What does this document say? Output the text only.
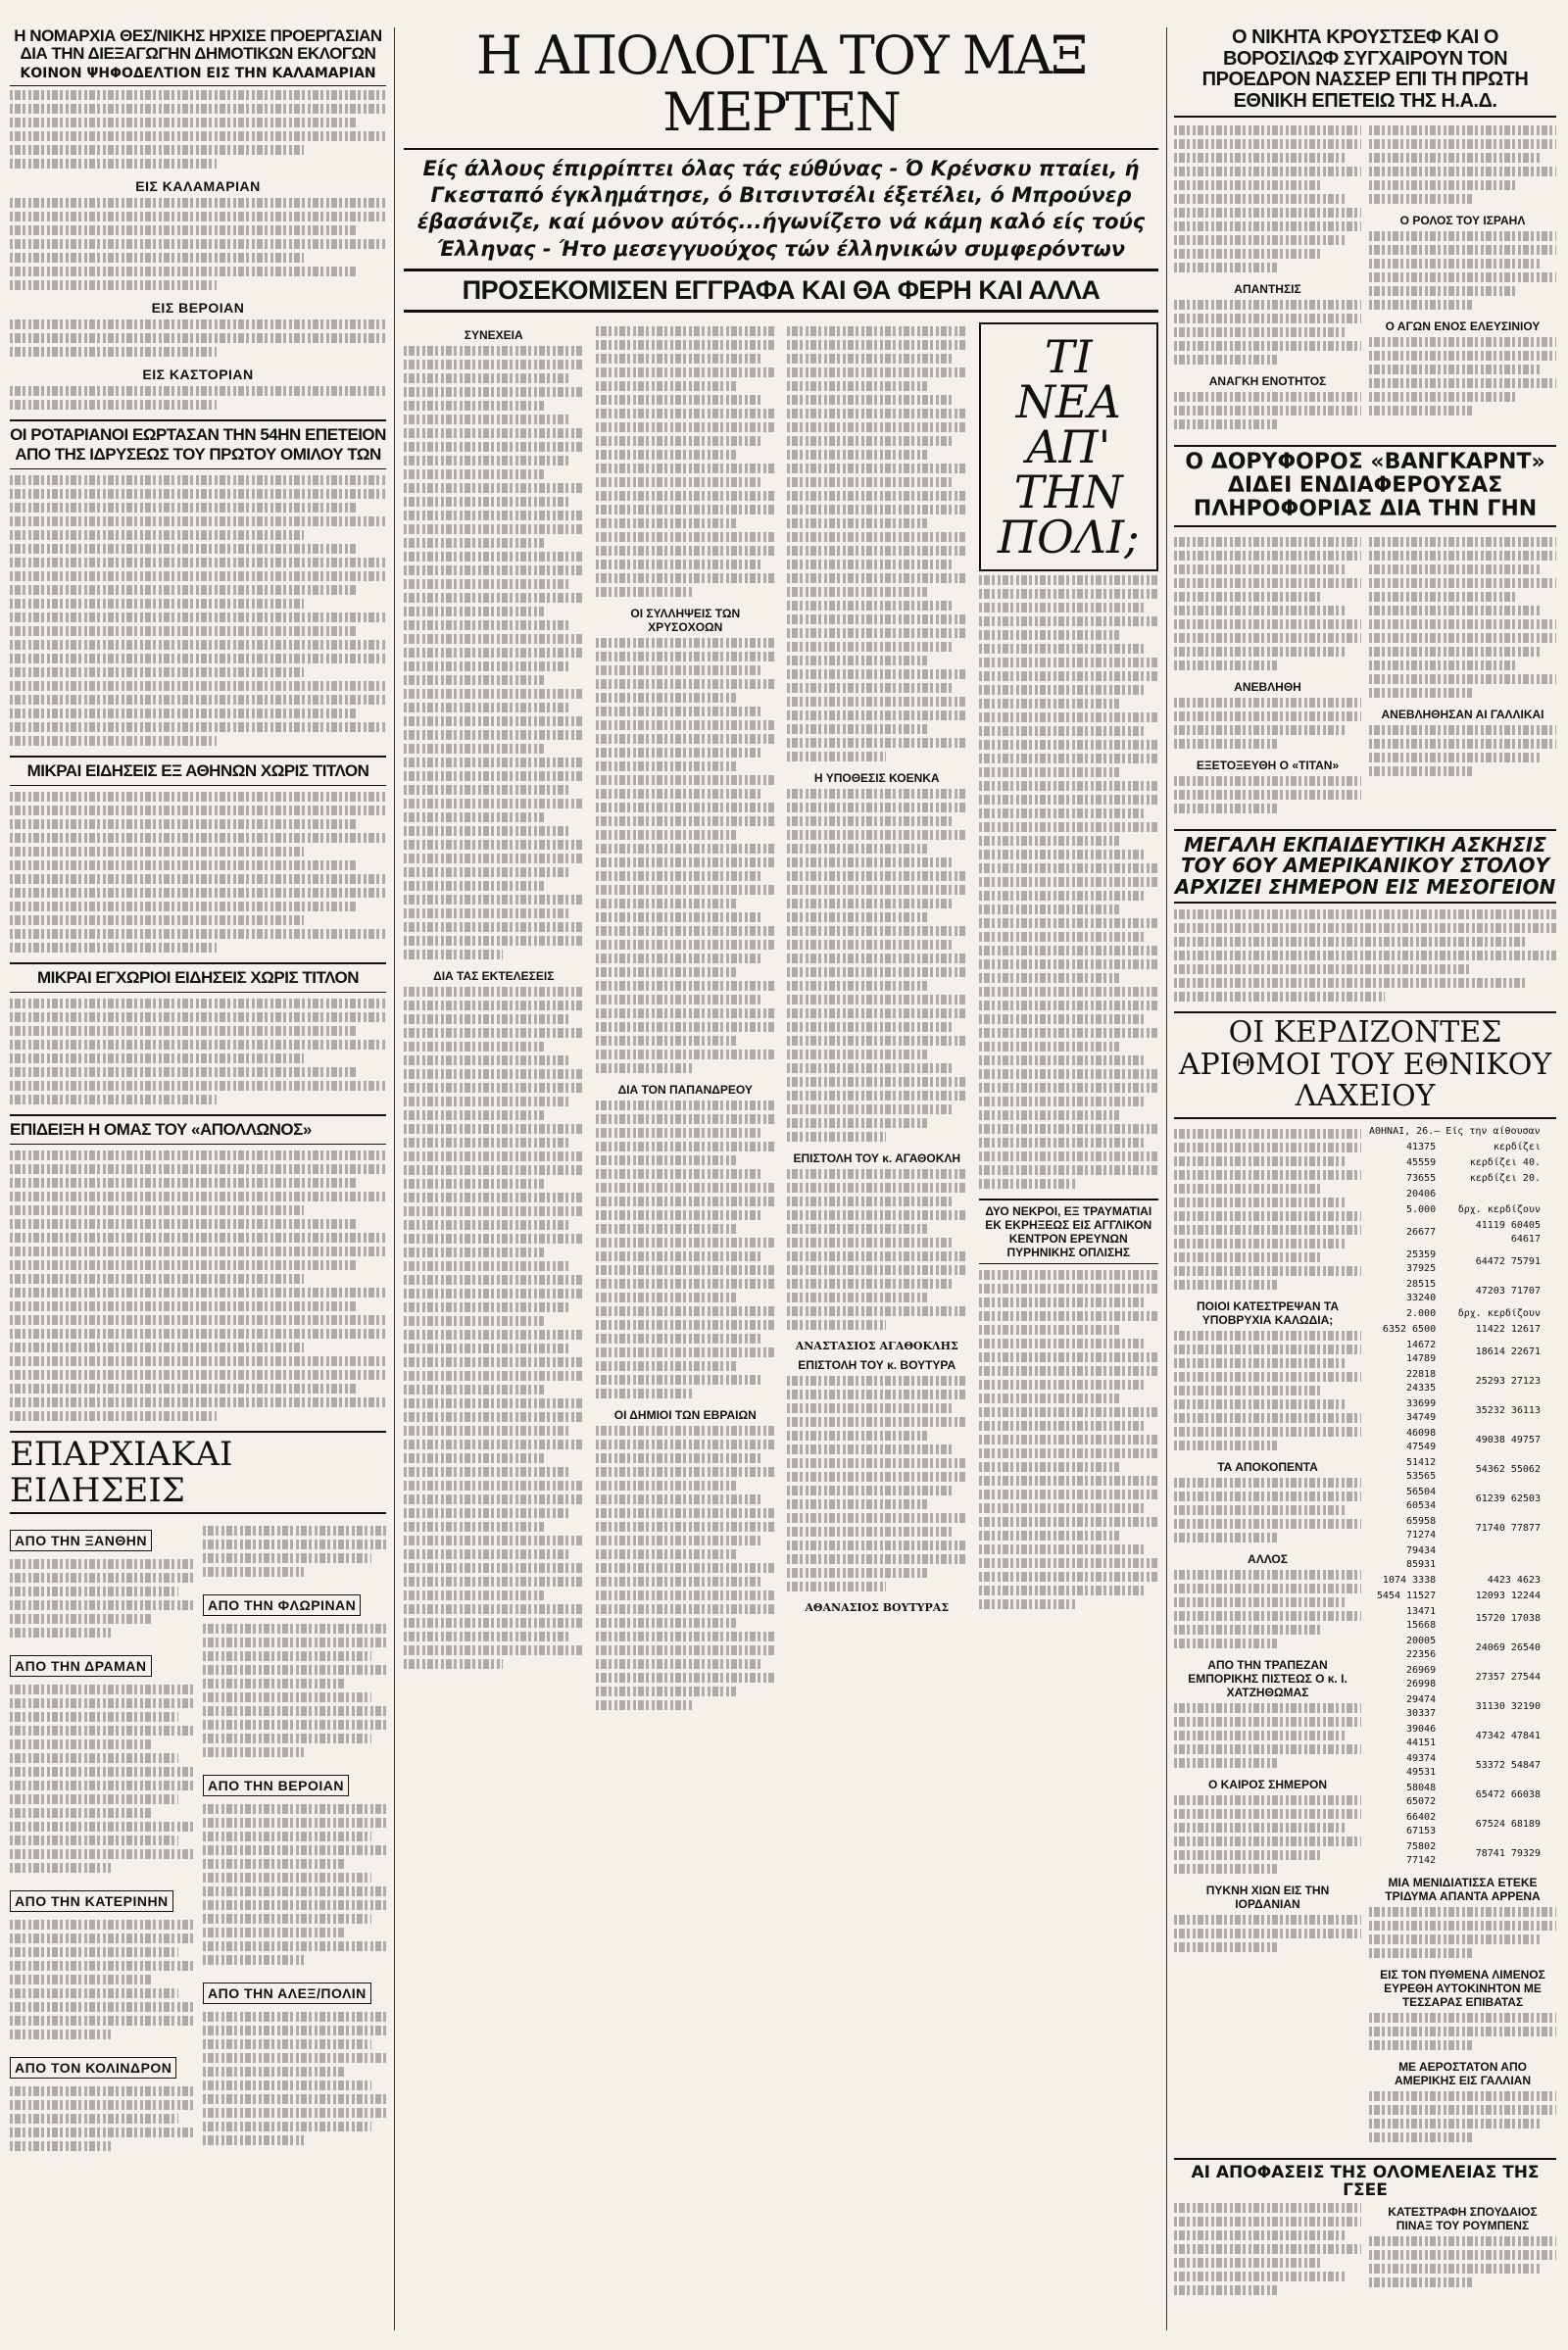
Η ΝΟΜΑΡΧΙΑ ΘΕΣ/ΝΙΚΗΣ ΗΡΧΙΣΕ ΠΡΟΕΡΓΑΣΙΑΝ ΔΙΑ ΤΗΝ ΔΙΕΞΑΓΩΓΗΝ ΔΗΜΟΤΙΚΩΝ ΕΚΛΟΓΩΝ
ΚΟΙΝΟΝ ΨΗΦΟΔΕΛΤΙΟΝ ΕΙΣ ΤΗΝ ΚΑΛΑΜΑΡΙΑΝ
ΕΙΣ ΚΑΛΑΜΑΡΙΑΝ
ΕΙΣ ΒΕΡΟΙΑΝ
ΕΙΣ ΚΑΣΤΟΡΙΑΝ
ΟΙ ΡΟΤΑΡΙΑΝΟΙ ΕΩΡΤΑΣΑΝ ΤΗΝ 54ΗΝ ΕΠΕΤΕΙΟΝ ΑΠΟ ΤΗΣ ΙΔΡΥΣΕΩΣ ΤΟΥ ΠΡΩΤΟΥ ΟΜΙΛΟΥ ΤΩΝ
ΜΙΚΡΑΙ ΕΙΔΗΣΕΙΣ ΕΞ ΑΘΗΝΩΝ ΧΩΡΙΣ ΤΙΤΛΟΝ
ΜΙΚΡΑΙ ΕΓΧΩΡΙΟΙ ΕΙΔΗΣΕΙΣ ΧΩΡΙΣ ΤΙΤΛΟΝ
ΕΠΙΔΕΙΞΗ Η ΟΜΑΣ ΤΟΥ «ΑΠΟΛΛΩΝΟΣ»
ΕΠΑΡΧΙΑΚΑΙ ΕΙΔΗΣΕΙΣ
ΑΠΟ ΤΗΝ ΞΑΝΘΗΝ
ΑΠΟ ΤΗΝ ΔΡΑΜΑΝ
ΑΠΟ ΤΗΝ ΚΑΤΕΡΙΝΗΝ
ΑΠΟ ΤΟΝ ΚΟΛΙΝΔΡΟΝ
ΑΠΟ ΤΗΝ ΦΛΩΡΙΝΑΝ
ΑΠΟ ΤΗΝ ΒΕΡΟΙΑΝ
ΑΠΟ ΤΗΝ ΑΛΕΞ/ΠΟΛΙΝ
Η ΑΠΟΛΟΓΙΑ ΤΟΥ ΜΑΞ ΜΕΡΤΕΝ
Είς άλλους έπιρρίπτει όλας τάς εύθύνας - Ό Κρένσκυ πταίει, ή Γκεσταπό έγκλημάτησε, ό Βιτσιντσέλι έξετέλει, ό Μπρούνερ έβασάνιζε, καί μόνον αύτός...ήγωνίζετο νά κάμη καλό είς τούς Έλληνας - Ήτο μεσεγγυούχος τών έλληνικών συμφερόντων
ΠΡΟΣΕΚΟΜΙΣΕΝ ΕΓΓΡΑΦΑ ΚΑΙ ΘΑ ΦΕΡΗ ΚΑΙ ΑΛΛΑ
ΣΥΝΕΧΕΙΑ
ΔΙΑ ΤΑΣ ΕΚΤΕΛΕΣΕΙΣ
ΟΙ ΣΥΛΛΗΨΕΙΣ ΤΩΝ ΧΡΥΣΟΧΟΩΝ
ΔΙΑ ΤΟΝ ΠΑΠΑΝΔΡΕΟΥ
ΟΙ ΔΗΜΙΟΙ ΤΩΝ ΕΒΡΑΙΩΝ
Η ΥΠΟΘΕΣΙΣ ΚΟΕΝΚΑ
ΕΠΙΣΤΟΛΗ ΤΟΥ κ. ΑΓΑΘΟΚΛΗ
ΑΝΑΣΤΑΣΙΟΣ ΑΓΑΘΟΚΛΗΣ
ΕΠΙΣΤΟΛΗ ΤΟΥ κ. ΒΟΥΤΥΡΑ
ΑΘΑΝΑΣΙΟΣ ΒΟΥΤΥΡΑΣ
ΤΙ ΝΕΑ
ΑΠ' ΤΗΝ
ΠΟΛΙ;
ΔΥΟ ΝΕΚΡΟΙ, ΕΞ ΤΡΑΥΜΑΤΙΑΙ ΕΚ ΕΚΡΗΞΕΩΣ ΕΙΣ ΑΓΓΛΙΚΟΝ ΚΕΝΤΡΟΝ ΕΡΕΥΝΩΝ ΠΥΡΗΝΙΚΗΣ ΟΠΛΙΣΗΣ
Ο ΝΙΚΗΤΑ ΚΡΟΥΣΤΣΕΦ ΚΑΙ Ο ΒΟΡΟΣΙΛΩΦ ΣΥΓΧΑΙΡΟΥΝ ΤΟΝ ΠΡΟΕΔΡΟΝ ΝΑΣΣΕΡ ΕΠΙ ΤΗ ΠΡΩΤΗ ΕΘΝΙΚΗ ΕΠΕΤΕΙΩ ΤΗΣ Η.Α.Δ.
ΑΠΑΝΤΗΣΙΣ
ΑΝΑΓΚΗ ΕΝΟΤΗΤΟΣ
Ο ΡΟΛΟΣ ΤΟΥ ΙΣΡΑΗΛ
Ο ΑΓΩΝ ΕΝΟΣ ΕΛΕΥΣΙΝΙΟΥ
Ο ΔΟΡΥΦΟΡΟΣ «ΒΑΝΓΚΑΡΝΤ» ΔΙΔΕΙ ΕΝΔΙΑΦΕΡΟΥΣΑΣ ΠΛΗΡΟΦΟΡΙΑΣ ΔΙΑ ΤΗΝ ΓΗΝ
ΑΝΕΒΛΗΘΗ
ΕΞΕΤΟΞΕΥΘΗ Ο «ΤΙΤΑΝ»
ΑΝΕΒΛΗΘΗΣΑΝ ΑΙ ΓΑΛΛΙΚΑΙ
ΜΕΓΑΛΗ ΕΚΠΑΙΔΕΥΤΙΚΗ ΑΣΚΗΣΙΣ ΤΟΥ 6ΟΥ ΑΜΕΡΙΚΑΝΙΚΟΥ ΣΤΟΛΟΥ ΑΡΧΙΖΕΙ ΣΗΜΕΡΟΝ ΕΙΣ ΜΕΣΟΓΕΙΟΝ
ΟΙ ΚΕΡΔΙΖΟΝΤΕΣ ΑΡΙΘΜΟΙ ΤΟΥ ΕΘΝΙΚΟΥ ΛΑΧΕΙΟΥ
ΠΟΙΟΙ ΚΑΤΕΣΤΡΕΨΑΝ ΤΑ ΥΠΟΒΡΥΧΙΑ ΚΑΛΩΔΙΑ;
ΤΑ ΑΠΟΚΟΠΕΝΤΑ
ΑΛΛΟΣ
ΑΠΟ ΤΗΝ ΤΡΑΠΕΖΑΝ ΕΜΠΟΡΙΚΗΣ ΠΙΣΤΕΩΣ Ο κ. Ι. ΧΑΤΖΗΘΩΜΑΣ
Ο ΚΑΙΡΟΣ ΣΗΜΕΡΟΝ
ΠΥΚΝΗ ΧΙΩΝ ΕΙΣ ΤΗΝ ΙΟΡΔΑΝΙΑΝ
ΑΘΗΝΑΙ, 26.— Είς την αίθουσαν
41375	κερδίζει	
45559	κερδίζει 40.	
73655	κερδίζει 20.	
20406		
5.000	δρχ. κερδίζουν	
26677	41119 60405 64617	
25359 37925	64472 75791	
28515 33240	47203 71707	
2.000	δρχ. κερδίζουν	
6352 6500	11422 12617	
14672 14789	18614 22671	
22818 24335	25293 27123	
33699 34749	35232 36113	
46098 47549	49038 49757	
51412 53565	54362 55062	
56504 60534	61239 62503	
65958 71274	71740 77877	
79434 85931		
1074 3338	4423 4623	
5454 11527	12093 12244	
13471 15668	15720 17038	
20005 22356	24069 26540	
26969 26998	27357 27544	
29474 30337	31130 32190	
39046 44151	47342 47841	
49374 49531	53372 54847	
58048 65072	65472 66038	
66402 67153	67524 68189	
75802 77142	78741 79329	
ΜΙΑ ΜΕΝΙΔΙΑΤΙΣΣΑ ΕΤΕΚΕ ΤΡΙΔΥΜΑ ΑΠΑΝΤΑ ΑΡΡΕΝΑ
ΕΙΣ ΤΟΝ ΠΥΘΜΕΝΑ ΛΙΜΕΝΟΣ ΕΥΡΕΘΗ ΑΥΤΟΚΙΝΗΤΟΝ ΜΕ ΤΕΣΣΑΡΑΣ ΕΠΙΒΑΤΑΣ
ΜΕ ΑΕΡΟΣΤΑΤΟΝ ΑΠΟ ΑΜΕΡΙΚΗΣ ΕΙΣ ΓΑΛΛΙΑΝ
ΑΙ ΑΠΟΦΑΣΕΙΣ ΤΗΣ ΟΛΟΜΕΛΕΙΑΣ ΤΗΣ ΓΣΕΕ
ΚΑΤΕΣΤΡΑΦΗ ΣΠΟΥΔΑΙΟΣ ΠΙΝΑΞ ΤΟΥ ΡΟΥΜΠΕΝΣ
